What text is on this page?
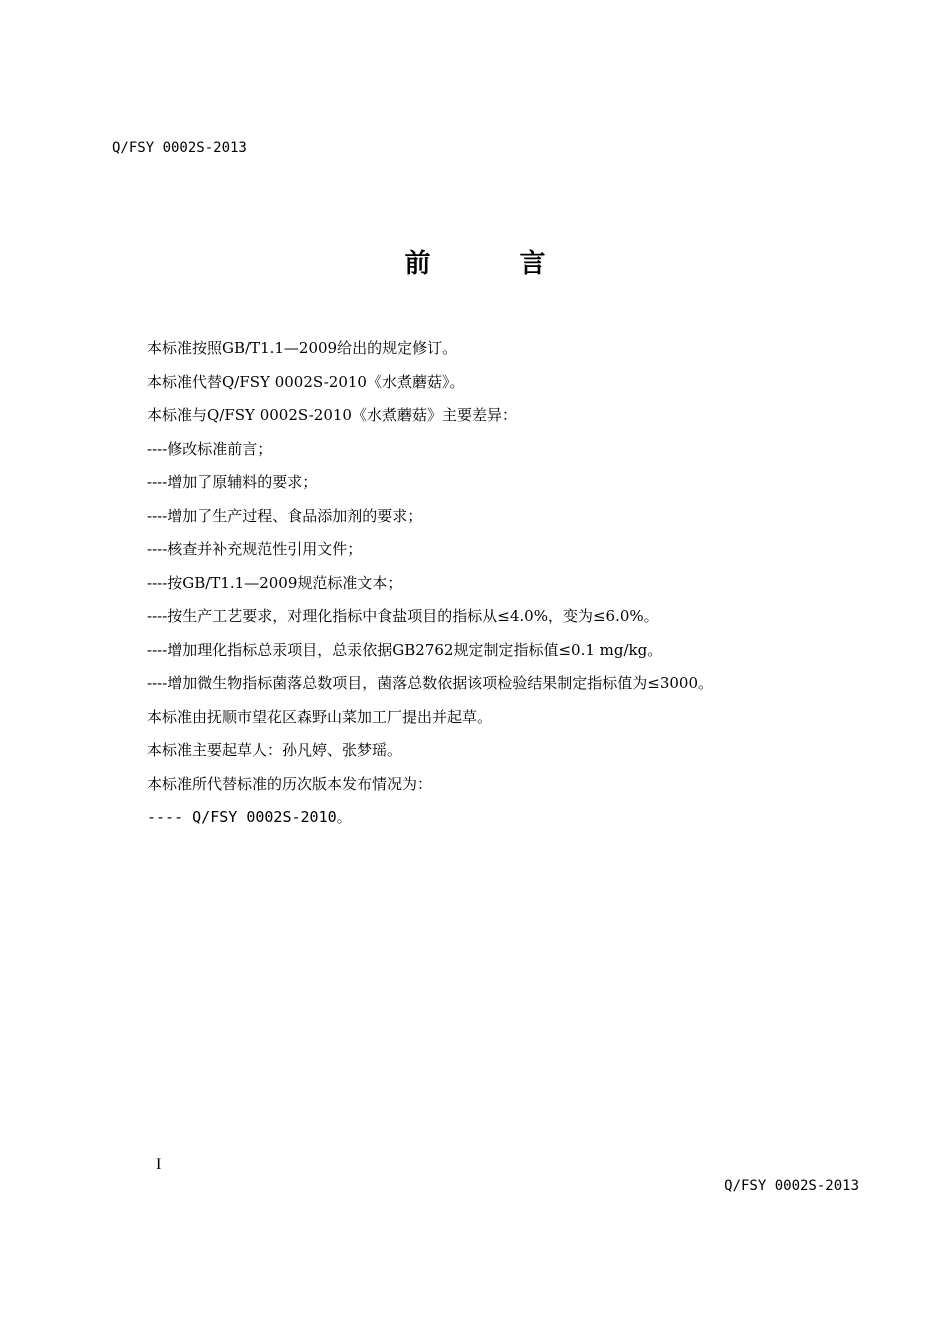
Q/FSY 0002S-2013
前 言
本标准按照GB/T1.1—2009给出的规定修订。
本标准代替Q/FSY 0002S-2010《水煮蘑菇》。
本标准与Q/FSY 0002S-2010《水煮蘑菇》主要差异：
----修改标准前言；
----增加了原辅料的要求；
----增加了生产过程、食品添加剂的要求；
----核查并补充规范性引用文件；
----按GB/T1.1—2009规范标准文本；
----按生产工艺要求，对理化指标中食盐项目的指标从≤4.0%，变为≤6.0%。
----增加理化指标总汞项目，总汞依据GB2762规定制定指标值≤0.1 mg/kg。
----增加微生物指标菌落总数项目，菌落总数依据该项检验结果制定指标值为≤3000。
本标准由抚顺市望花区森野山菜加工厂提出并起草。
本标准主要起草人：孙凡婷、张梦瑶。
本标准所代替标准的历次版本发布情况为：
---- Q/FSY 0002S-2010。
I
Q/FSY 0002S-2013
